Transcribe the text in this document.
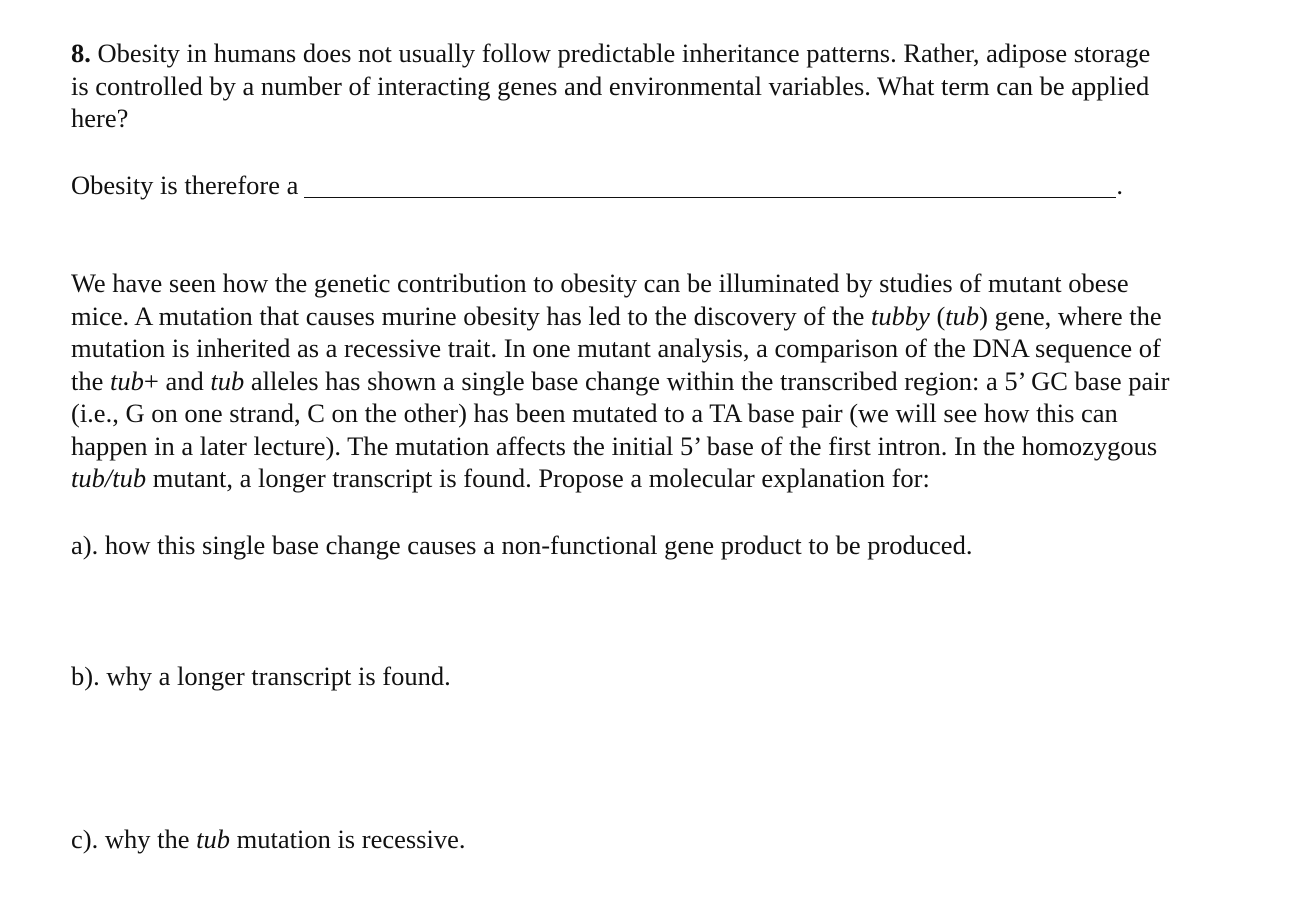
8. Obesity in humans does not usually follow predictable inheritance patterns. Rather, adipose storage
is controlled by a number of interacting genes and environmental variables. What term can be applied
here?
Obesity is therefore a	.
We have seen how the genetic contribution to obesity can be illuminated by studies of mutant obese
mice. A mutation that causes murine obesity has led to the discovery of the tubby (tub) gene, where the
mutation is inherited as a recessive trait. In one mutant analysis, a comparison of the DNA sequence of
the tub+ and tub alleles has shown a single base change within the transcribed region: a 5’ GC base pair
(i.e., G on one strand, C on the other) has been mutated to a TA base pair (we will see how this can
happen in a later lecture). The mutation affects the initial 5’ base of the first intron. In the homozygous
tub/tub mutant, a longer transcript is found. Propose a molecular explanation for:
a). how this single base change causes a non-functional gene product to be produced.
b). why a longer transcript is found.
c). why the tub mutation is recessive.
